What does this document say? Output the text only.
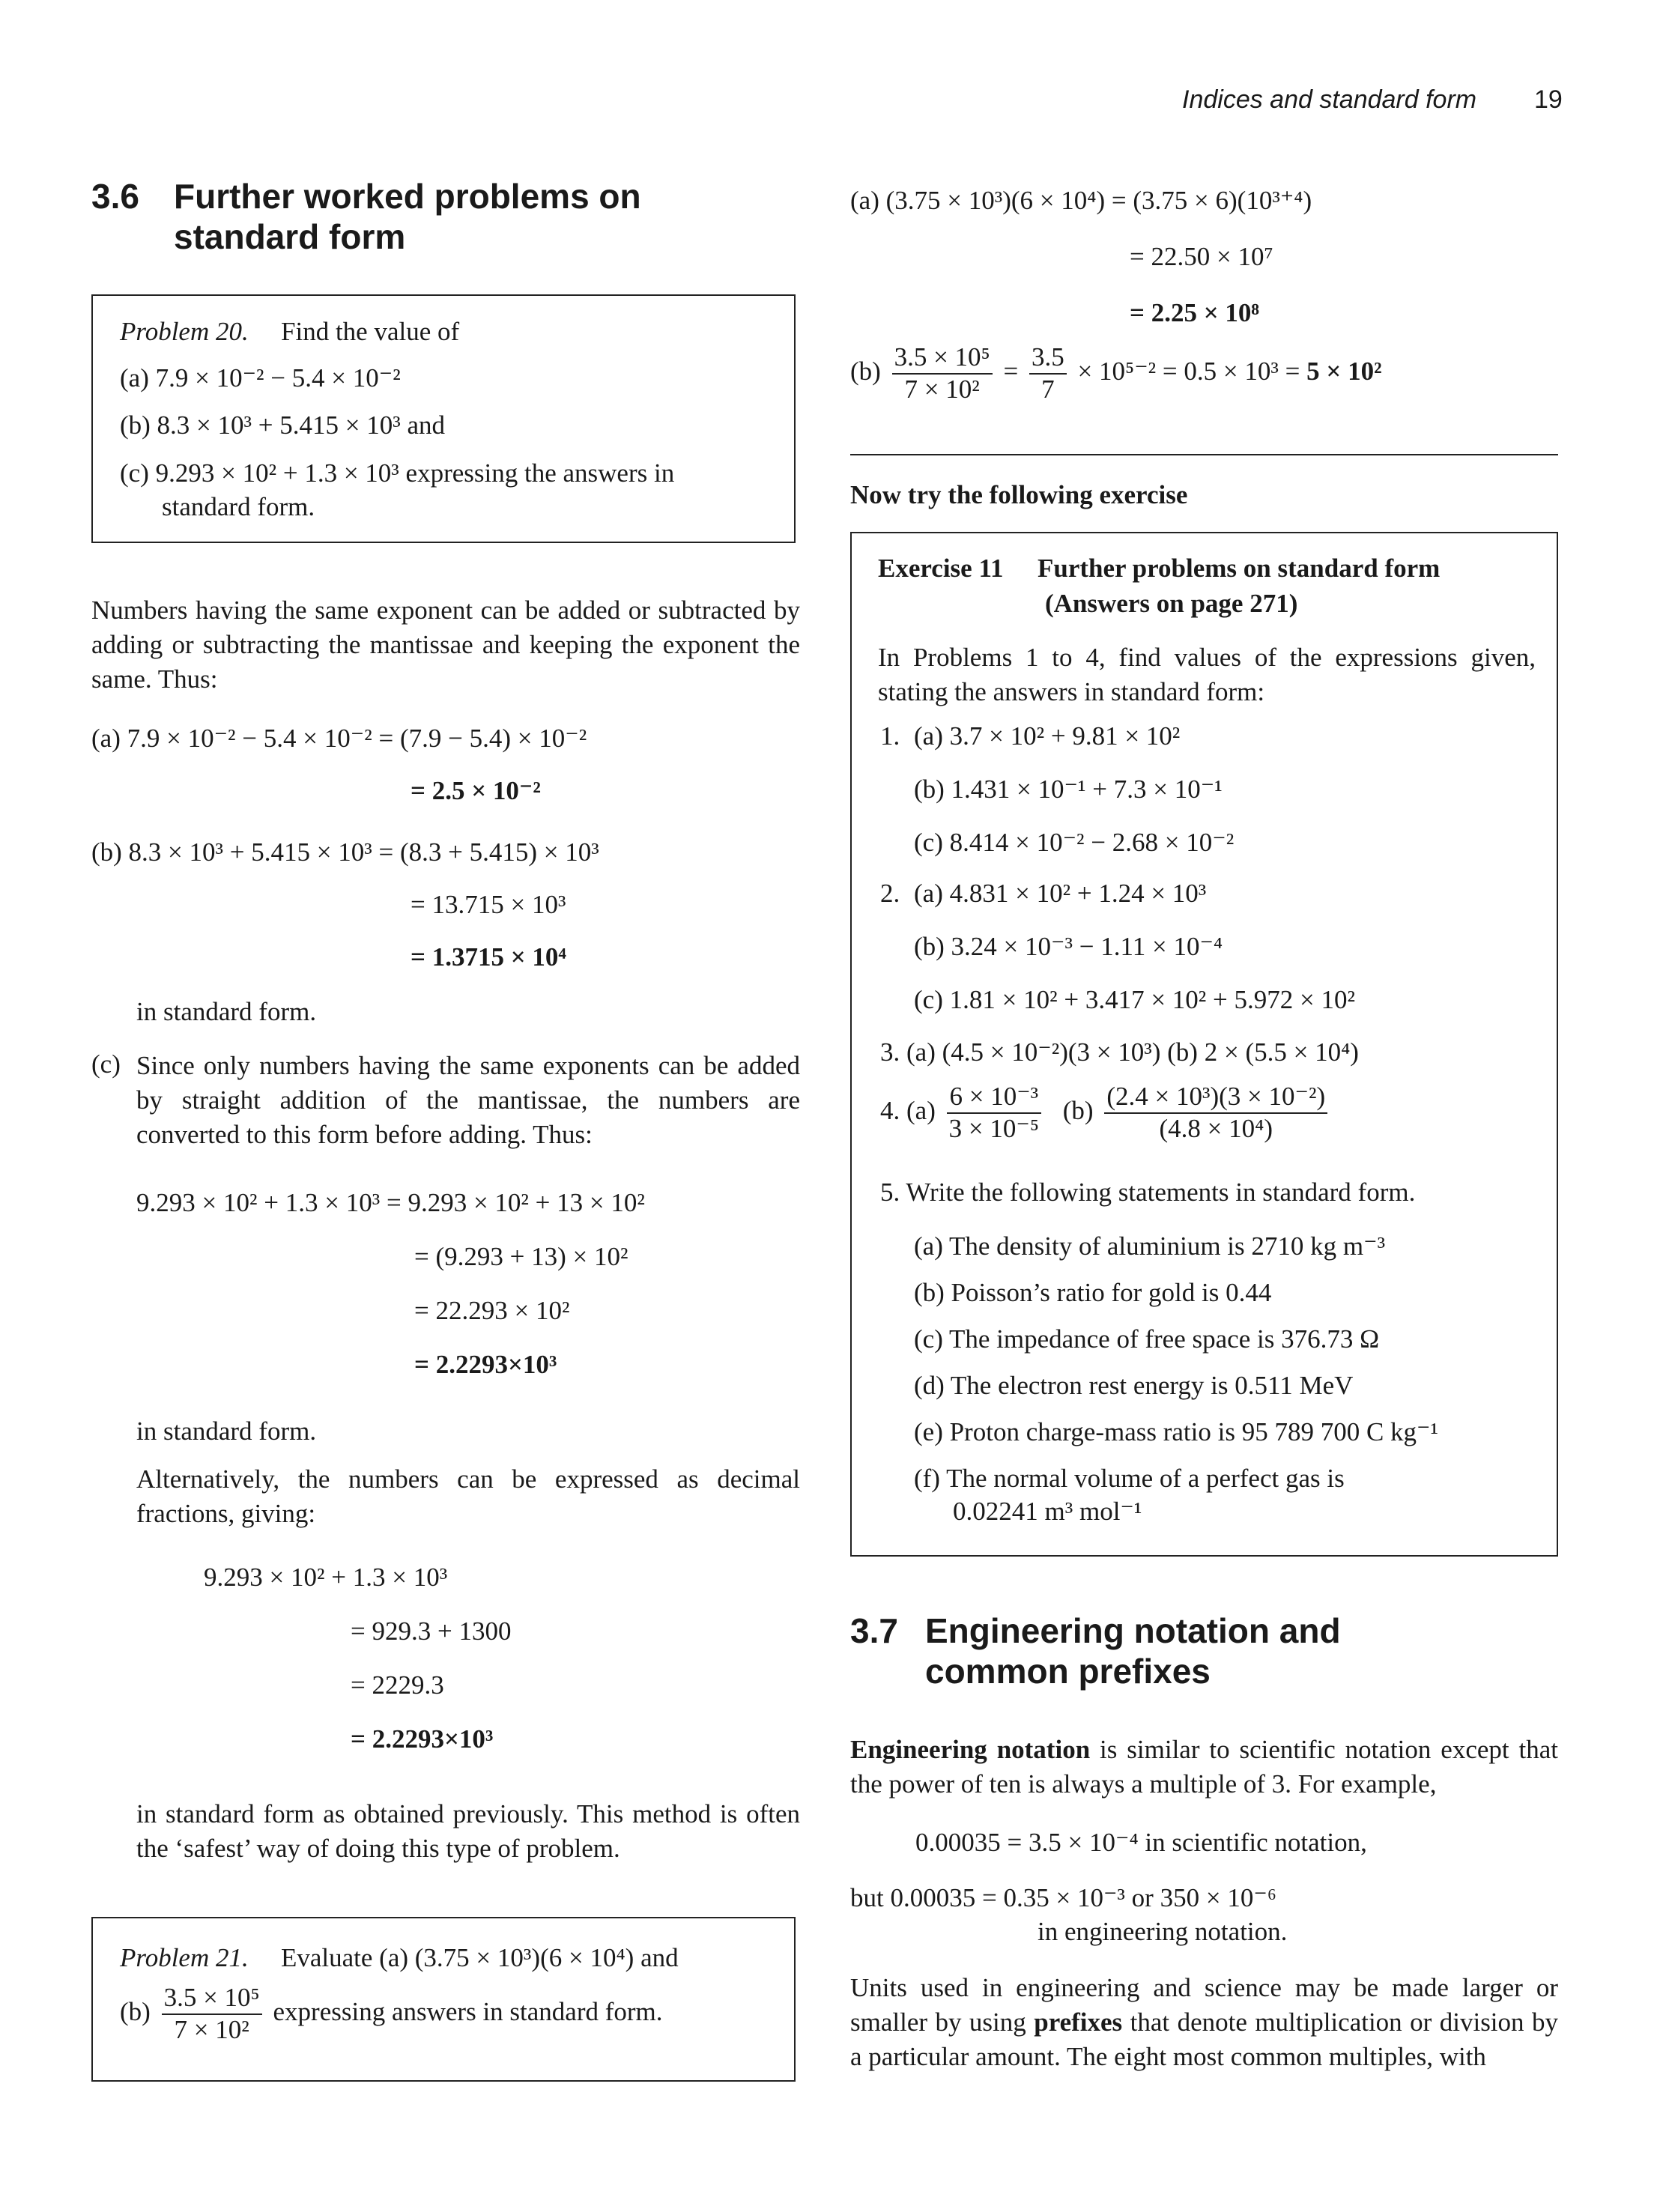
Indices and standard form 19
3.6 Further worked problems on
standard form
Problem 20. Find the value of
(a) 7.9 × 10⁻² − 5.4 × 10⁻²
(b) 8.3 × 10³ + 5.415 × 10³ and
(c) 9.293 × 10² + 1.3 × 10³ expressing the answers in
standard form.
Numbers having the same exponent can be added or subtracted by adding or subtracting the mantissae and keeping the exponent the same. Thus:
(a) 7.9 × 10⁻² − 5.4 × 10⁻² = (7.9 − 5.4) × 10⁻²
= 2.5 × 10⁻²
(b) 8.3 × 10³ + 5.415 × 10³ = (8.3 + 5.415) × 10³
= 13.715 × 10³
= 1.3715 × 10⁴
in standard form.
(c) Since only numbers having the same exponents can be added by straight addition of the mantissae, the numbers are converted to this form before adding. Thus:
9.293 × 10² + 1.3 × 10³ = 9.293 × 10² + 13 × 10²
= (9.293 + 13) × 10²
= 22.293 × 10²
= 2.2293×10³
in standard form.
Alternatively, the numbers can be expressed as decimal fractions, giving:
9.293 × 10² + 1.3 × 10³
= 929.3 + 1300
= 2229.3
= 2.2293×10³
in standard form as obtained previously. This method is often the ‘safest’ way of doing this type of problem.
Problem 21. Evaluate (a) (3.75 × 10³)(6 × 10⁴) and
$(b) \frac{\text{3.5 × 10⁵}}{\text{7 × 10²}}$ expressing answers in standard form.
(a) (3.75 × 10³)(6 × 10⁴) = (3.75 × 6)(10³⁺⁴)
= 22.50 × 10⁷
= 2.25 × 10⁸
$(b) \frac{\text{3.5 × 10⁵}}{\text{7 × 10²}} = \frac{3.5}{7} \times 10^{5-2} = 0.5 \times 10^3 = 5 \times 10^2$
Now try the following exercise
Exercise 11 Further problems on standard form
(Answers on page 271)
In Problems 1 to 4, find values of the expressions given, stating the answers in standard form:
1. (a) 3.7 × 10² + 9.81 × 10²
(b) 1.431 × 10⁻¹ + 7.3 × 10⁻¹
(c) 8.414 × 10⁻² − 2.68 × 10⁻²
2. (a) 4.831 × 10² + 1.24 × 10³
(b) 3.24 × 10⁻³ − 1.11 × 10⁻⁴
(c) 1.81 × 10² + 3.417 × 10² + 5.972 × 10²
3. (a) (4.5 × 10⁻²)(3 × 10³) (b) 2 × (5.5 × 10⁴)
4. $(a) \frac{\text{6 × 10⁻³}}{\text{3 × 10⁻⁵}} (b) \frac{\text{(2.4 × 10³)(3 × 10⁻²)}}{\text{(4.8 × 10⁴)}}$
5. Write the following statements in standard form.
(a) The density of aluminium is 2710 kg m⁻³
(b) Poisson’s ratio for gold is 0.44
(c) The impedance of free space is 376.73 Ω
(d) The electron rest energy is 0.511 MeV
(e) Proton charge-mass ratio is 95 789 700 C kg⁻¹
(f) The normal volume of a perfect gas is
0.02241 m³ mol⁻¹
3.7 Engineering notation and
common prefixes
Engineering notation is similar to scientific notation except that the power of ten is always a multiple of 3. For example,
0.00035 = 3.5 × 10⁻⁴ in scientific notation,
but 0.00035 = 0.35 × 10⁻³ or 350 × 10⁻⁶
in engineering notation.
Units used in engineering and science may be made larger or smaller by using prefixes that denote multiplication or division by a particular amount. The eight most common multiples, with
